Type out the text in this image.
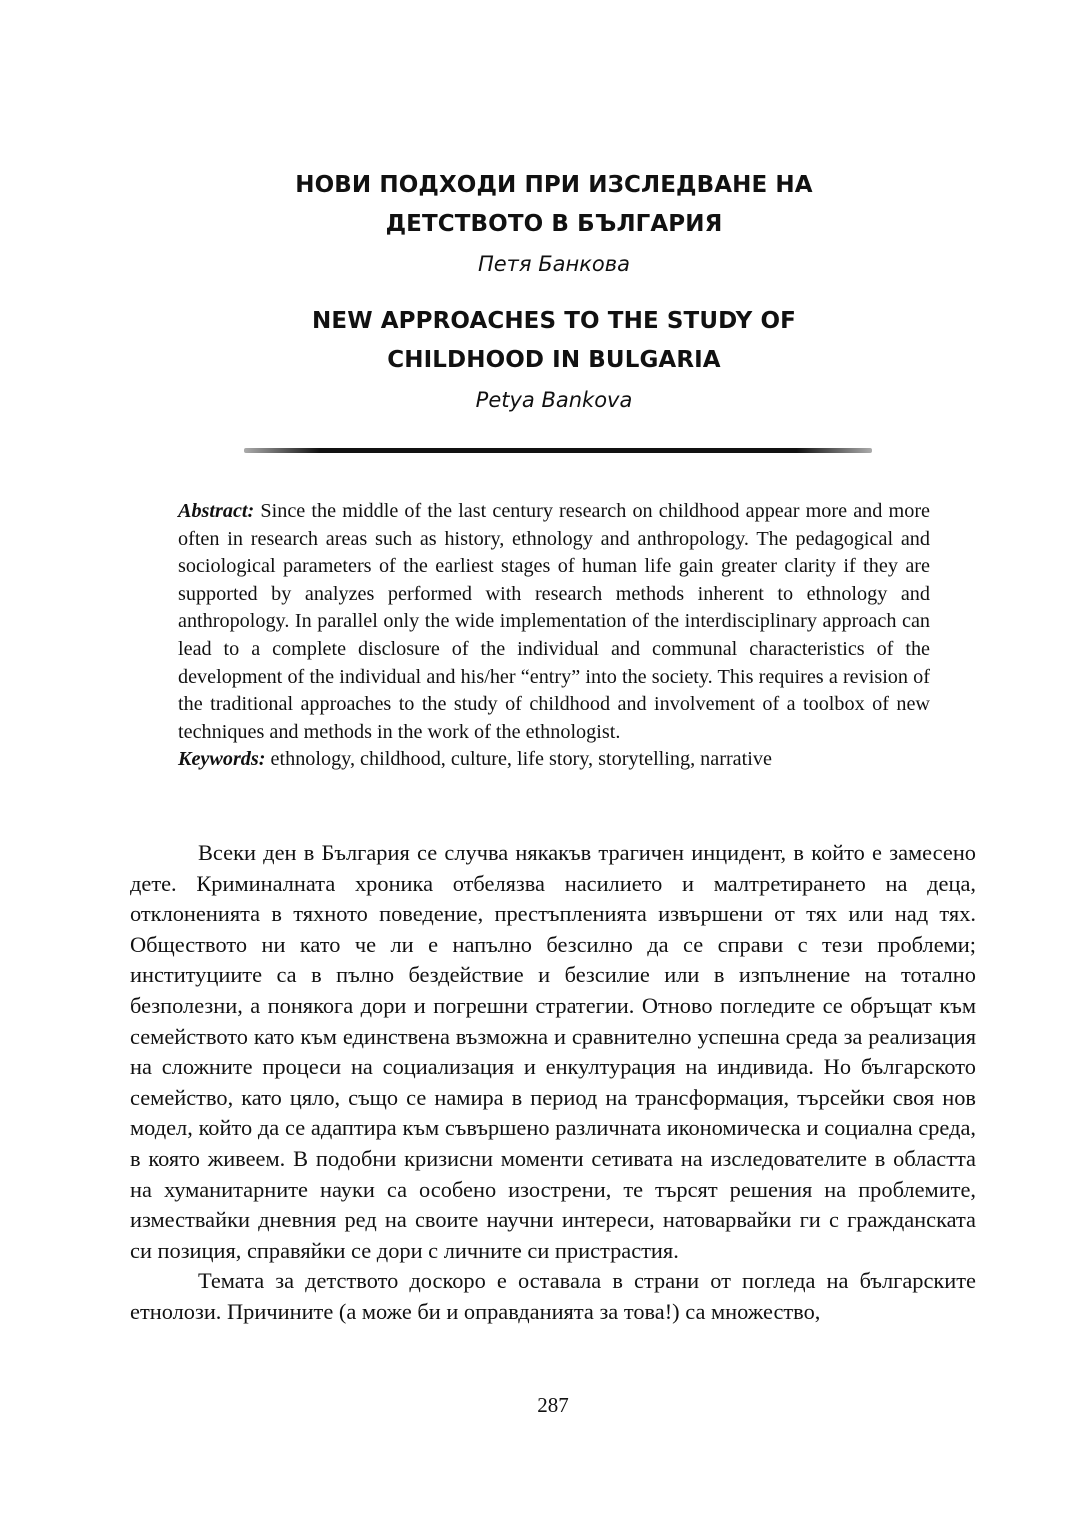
НОВИ ПОДХОДИ ПРИ ИЗСЛЕДВАНЕ НА
ДЕТСТВОТО В БЪЛГАРИЯ
Петя Банкова
NEW APPROACHES TO THE STUDY OF
CHILDHOOD IN BULGARIA
Petya Bankova

Abstract: Since the middle of the last century research on childhood appear more and more often in research areas such as history, ethnology and anthropology. The pedagogical and sociological parameters of the earliest stages of human life gain greater clarity if they are supported by analyzes performed with research methods inherent to ethnology and anthropology. In parallel only the wide implementation of the interdisciplinary approach can lead to a complete disclosure of the individual and communal characteristics of the development of the individual and his/her “entry” into the society. This requires a revision of the traditional approaches to the study of childhood and involvement of a toolbox of new techniques and methods in the work of the ethnologist.

Keywords: ethnology, childhood, culture, life story, storytelling, narrative

Всеки ден в България се случва някакъв трагичен инцидент, в който е замесено дете. Криминалната хроника отбелязва насилието и малтретирането на деца, отклоненията в тяхното поведение, престъпленията извършени от тях или над тях. Обществото ни като че ли е напълно безсилно да се справи с тези проблеми; институциите са в пълно бездействие и безсилие или в изпълнение на тотално безполезни, а понякога дори и погрешни стратегии. Отново погледите се обръщат към семейството като към единствена възможна и сравнително успешна среда за реализация на сложните процеси на социализация и енкултурация на индивида. Но българското семейство, като цяло, също се намира в период на трансформация, търсейки своя нов модел, който да се адаптира към съвършено различната икономическа и социална среда, в която живеем. В подобни кризисни моменти сетивата на изследователите в областта на хуманитарните науки са особено изострени, те търсят решения на проблемите, измествайки дневния ред на своите научни интереси, натоварвайки ги с гражданската си позиция, справяйки се дори с личните си пристрастия.

Темата за детството доскоро е оставала в страни от погледа на българските етнолози. Причините (а може би и оправданията за това!) са множество,

287
